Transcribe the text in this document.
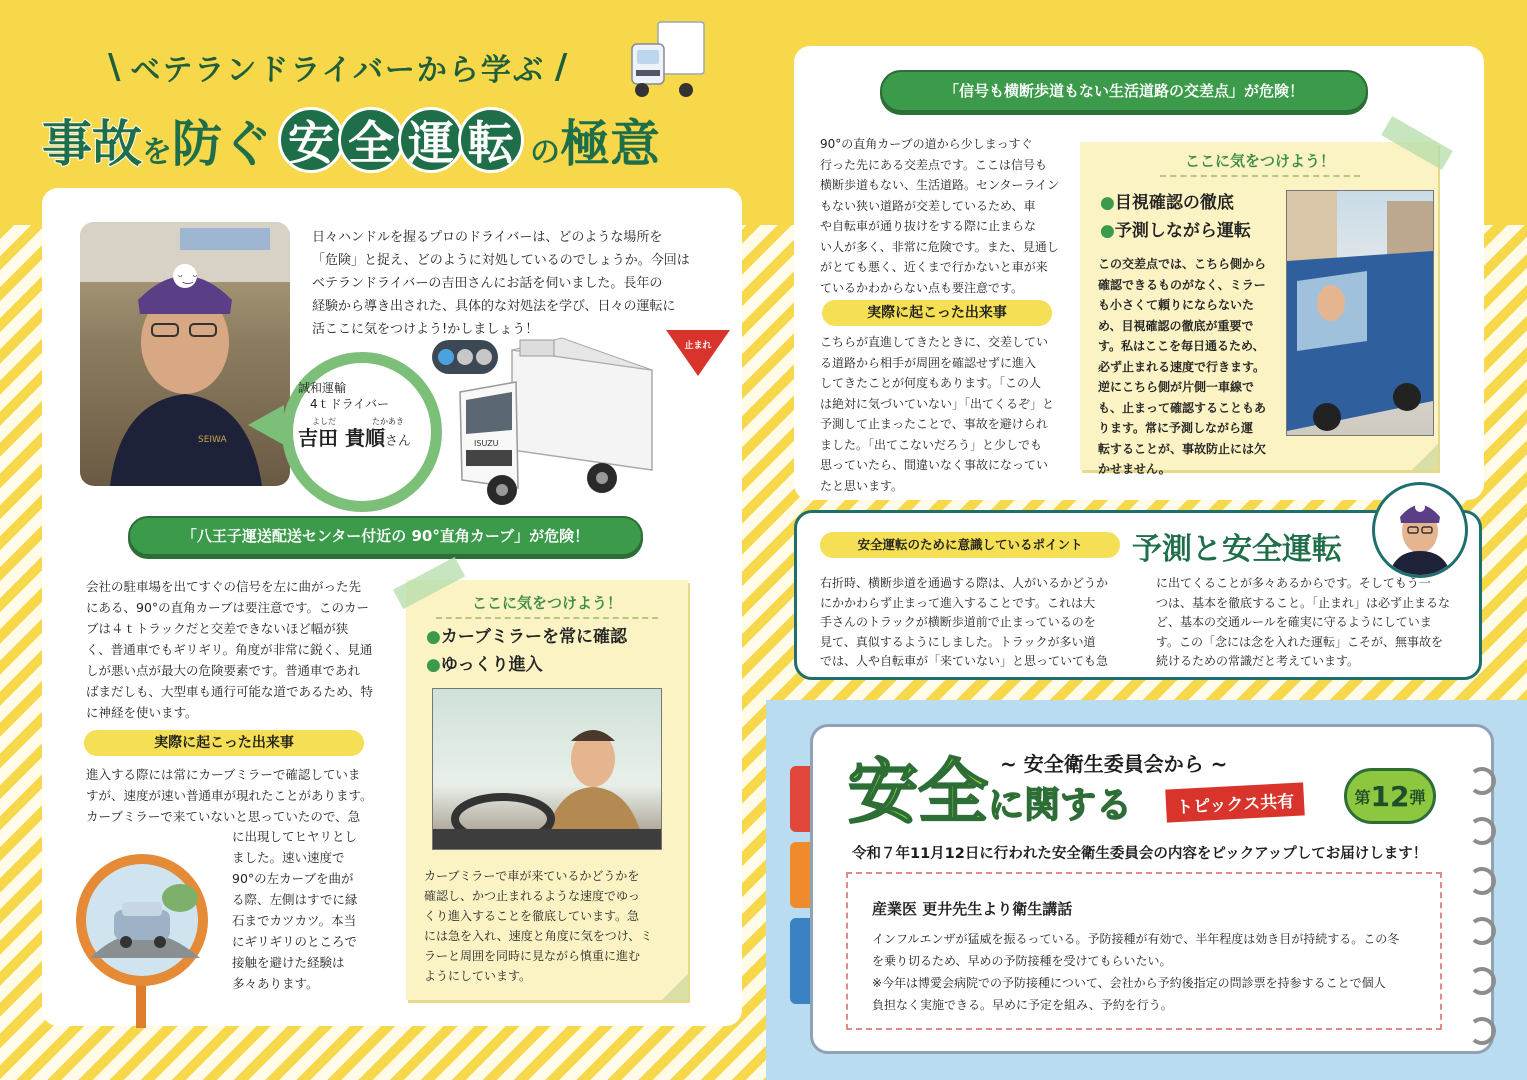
\ ベテランドライバーから学ぶ /
事故 を 防ぐ 安 全 運 転 の 極意
ᵕ‿ᵕ
SEIWA
日々ハンドルを握るプロのドライバーは、どのような場所を
「危険」と捉え、どのように対処しているのでしょうか。今回は
ベテランドライバーの吉田さんにお話を伺いました。長年の
経験から導き出された、具体的な対処法を学び、日々の運転に
活ここに気をつけよう!かしましょう！
誠和運輸
4ｔドライバー
よしだ	たかあき
吉田 貴順さん
止まれ
ISUZU
「八王子運送配送センター付近の 90°直角カーブ」が危険！
会社の駐車場を出てすぐの信号を左に曲がった先
にある、90°の直角カーブは要注意です。このカー
ブは４ｔトラックだと交差できないほど幅が狭
く、普通車でもギリギリ。角度が非常に鋭く、見通
しが悪い点が最大の危険要素です。普通車であれ
ばまだしも、大型車も通行可能な道であるため、特
に神経を使います。
実際に起こった出来事
進入する際には常にカーブミラーで確認していま
すが、速度が速い普通車が現れたことがあります。
カーブミラーで来ていないと思っていたので、急
に出現してヒヤリとし
ました。速い速度で
90°の左カーブを曲が
る際、左側はすでに縁
石までカツカツ。本当
にギリギリのところで
接触を避けた経験は
多々あります。
ここに気をつけよう！
●カーブミラーを常に確認
●ゆっくり進入
カーブミラーで車が来ているかどうかを
確認し、かつ止まれるような速度でゆっ
くり進入することを徹底しています。急
には急を入れ、速度と角度に気をつけ、ミ
ラーと周囲を同時に見ながら慎重に進む
ようにしています。
「信号も横断歩道もない生活道路の交差点」が危険！
90°の直角カーブの道から少しまっすぐ
行った先にある交差点です。ここは信号も
横断歩道もない、生活道路。センターライン
もない狭い道路が交差しているため、車
や自転車が通り抜けをする際に止まらな
い人が多く、非常に危険です。また、見通し
がとても悪く、近くまで行かないと車が来
ているかわからない点も要注意です。
実際に起こった出来事
こちらが直進してきたときに、交差してい
る道路から相手が周囲を確認せずに進入
してきたことが何度もあります。「この人
は絶対に気づいていない」「出てくるぞ」と
予測して止まったことで、事故を避けられ
ました。「出てこないだろう」と少しでも
思っていたら、間違いなく事故になってい
たと思います。
ここに気をつけよう！
●目視確認の徹底
●予測しながら運転
この交差点では、こちら側から
確認できるものがなく、ミラー
も小さくて頼りにならないた
め、目視確認の徹底が重要で
す。私はここを毎日通るため、
必ず止まれる速度で行きます。
逆にこちら側が片側一車線で
も、止まって確認することもあ
ります。常に予測しながら運
転することが、事故防止には欠
かせません。
安全運転のために意識しているポイント	予測と安全運転
右折時、横断歩道を通過する際は、人がいるかどうか
にかかわらず止まって進入することです。これは大
手さんのトラックが横断歩道前で止まっているのを
見て、真似するようにしました。トラックが多い道
では、人や自転車が「来ていない」と思っていても急
に出てくることが多々あるからです。そしてもう一
つは、基本を徹底すること。「止まれ」は必ず止まるな
ど、基本の交通ルールを確実に守るようにしていま
す。この「念には念を入れた運転」こそが、無事故を
続けるための常識だと考えています。
~ 安全衛生委員会から ~
安 全 に関する	トピックス共有	第 12 弾
令和７年11月12日に行われた安全衛生委員会の内容をピックアップしてお届けします！
産業医 更井先生より衛生講話
インフルエンザが猛威を振るっている。予防接種が有効で、半年程度は効き目が持続する。この冬
を乗り切るため、早めの予防接種を受けてもらいたい。
※今年は博愛会病院での予防接種について、会社から予約後指定の問診票を持参することで個人
負担なく実施できる。早めに予定を組み、予約を行う。
